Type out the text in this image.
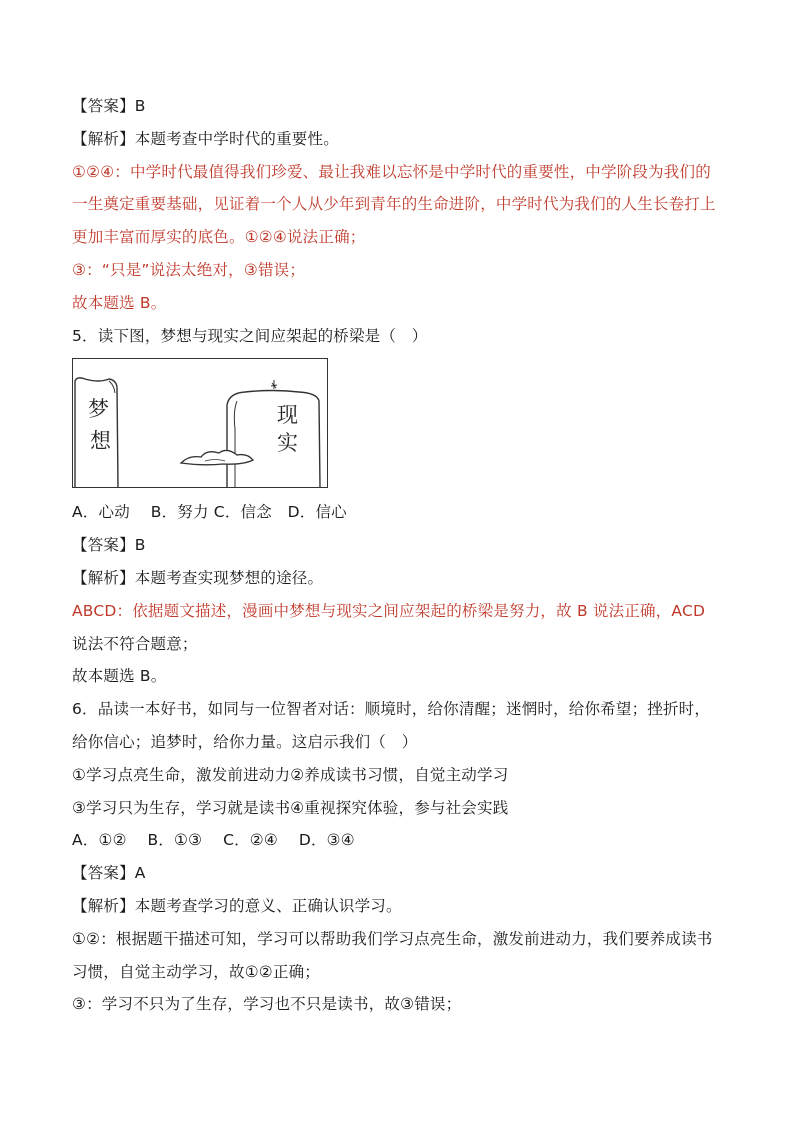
【答案】B
【解析】本题考查中学时代的重要性。
①②④：中学时代最值得我们珍爱、最让我难以忘怀是中学时代的重要性，中学阶段为我们的
一生奠定重要基础，见证着一个人从少年到青年的生命进阶，中学时代为我们的人生长卷打上
更加丰富而厚实的底色。①②④说法正确；
③：“只是”说法太绝对，③错误；
故本题选 B。
5．读下图，梦想与现实之间应架起的桥梁是（　）
梦
想
现
实
A．心动　 B．努力 C．信念　D．信心
【答案】B
【解析】本题考查实现梦想的途径。
ABCD：依据题文描述，漫画中梦想与现实之间应架起的桥梁是努力，故 B 说法正确，ACD
说法不符合题意；
故本题选 B。
6．品读一本好书，如同与一位智者对话：顺境时，给你清醒；迷惘时，给你希望；挫折时，
给你信心；追梦时，给你力量。这启示我们（　）
①学习点亮生命，激发前进动力②养成读书习惯，自觉主动学习
③学习只为生存，学习就是读书④重视探究体验，参与社会实践
A．①②　 B．①③　 C．②④　 D．③④
【答案】A
【解析】本题考查学习的意义、正确认识学习。
①②：根据题干描述可知，学习可以帮助我们学习点亮生命，激发前进动力，我们要养成读书
习惯，自觉主动学习，故①②正确；
③：学习不只为了生存，学习也不只是读书，故③错误；
